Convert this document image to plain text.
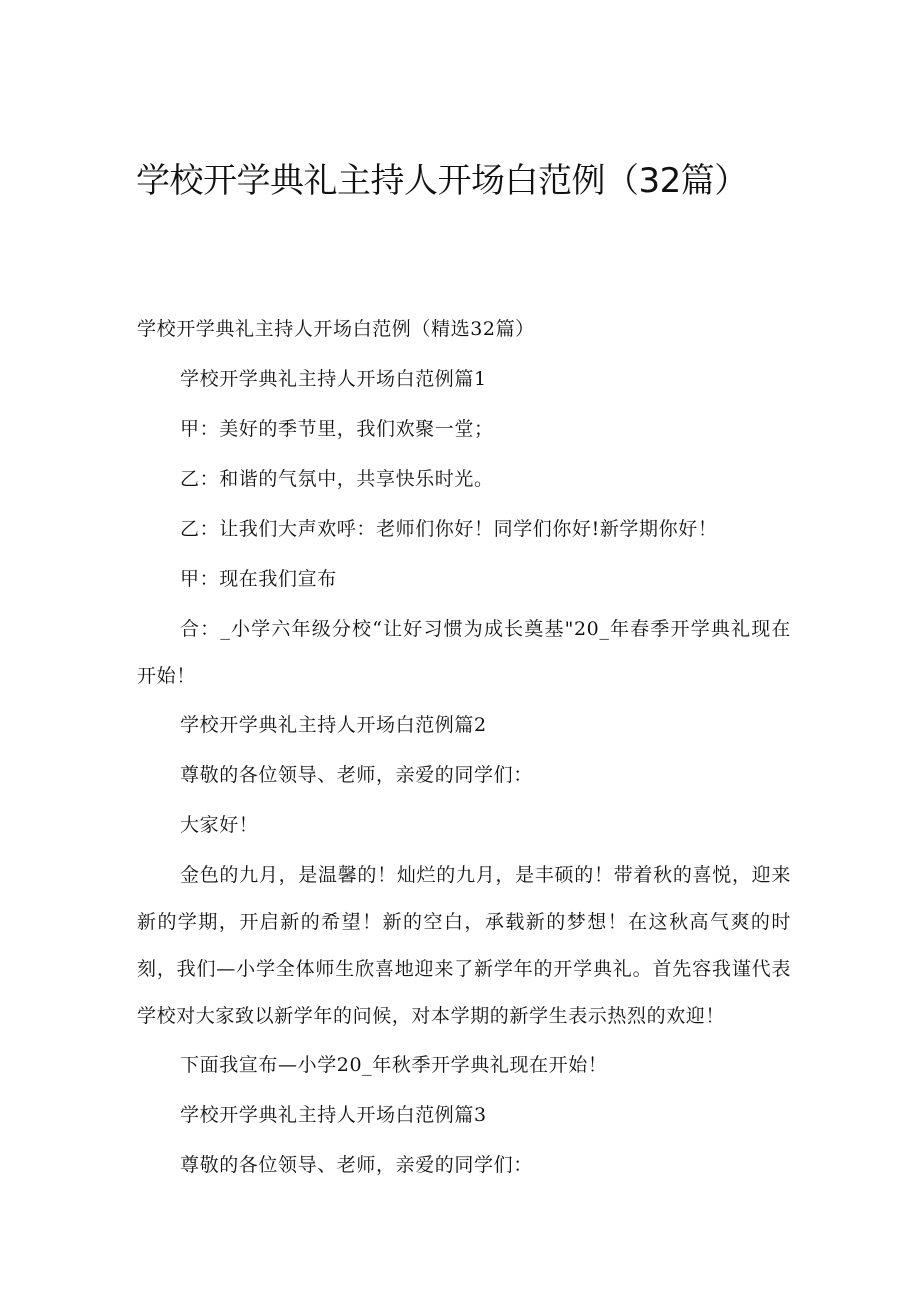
学校开学典礼主持人开场白范例（32篇）

学校开学典礼主持人开场白范例（精选32篇）

学校开学典礼主持人开场白范例篇1

甲：美好的季节里，我们欢聚一堂；

乙：和谐的气氛中，共享快乐时光。

乙：让我们大声欢呼：老师们你好！同学们你好!新学期你好！

甲：现在我们宣布

合：_小学六年级分校“让好习惯为成长奠基"20_年春季开学典礼现在开始！

学校开学典礼主持人开场白范例篇2

尊敬的各位领导、老师，亲爱的同学们：

大家好！

金色的九月，是温馨的！灿烂的九月，是丰硕的！带着秋的喜悦，迎来新的学期，开启新的希望！新的空白，承载新的梦想！在这秋高气爽的时刻，我们—小学全体师生欣喜地迎来了新学年的开学典礼。首先容我谨代表学校对大家致以新学年的问候，对本学期的新学生表示热烈的欢迎！

下面我宣布—小学20_年秋季开学典礼现在开始！

学校开学典礼主持人开场白范例篇3

尊敬的各位领导、老师，亲爱的同学们：
